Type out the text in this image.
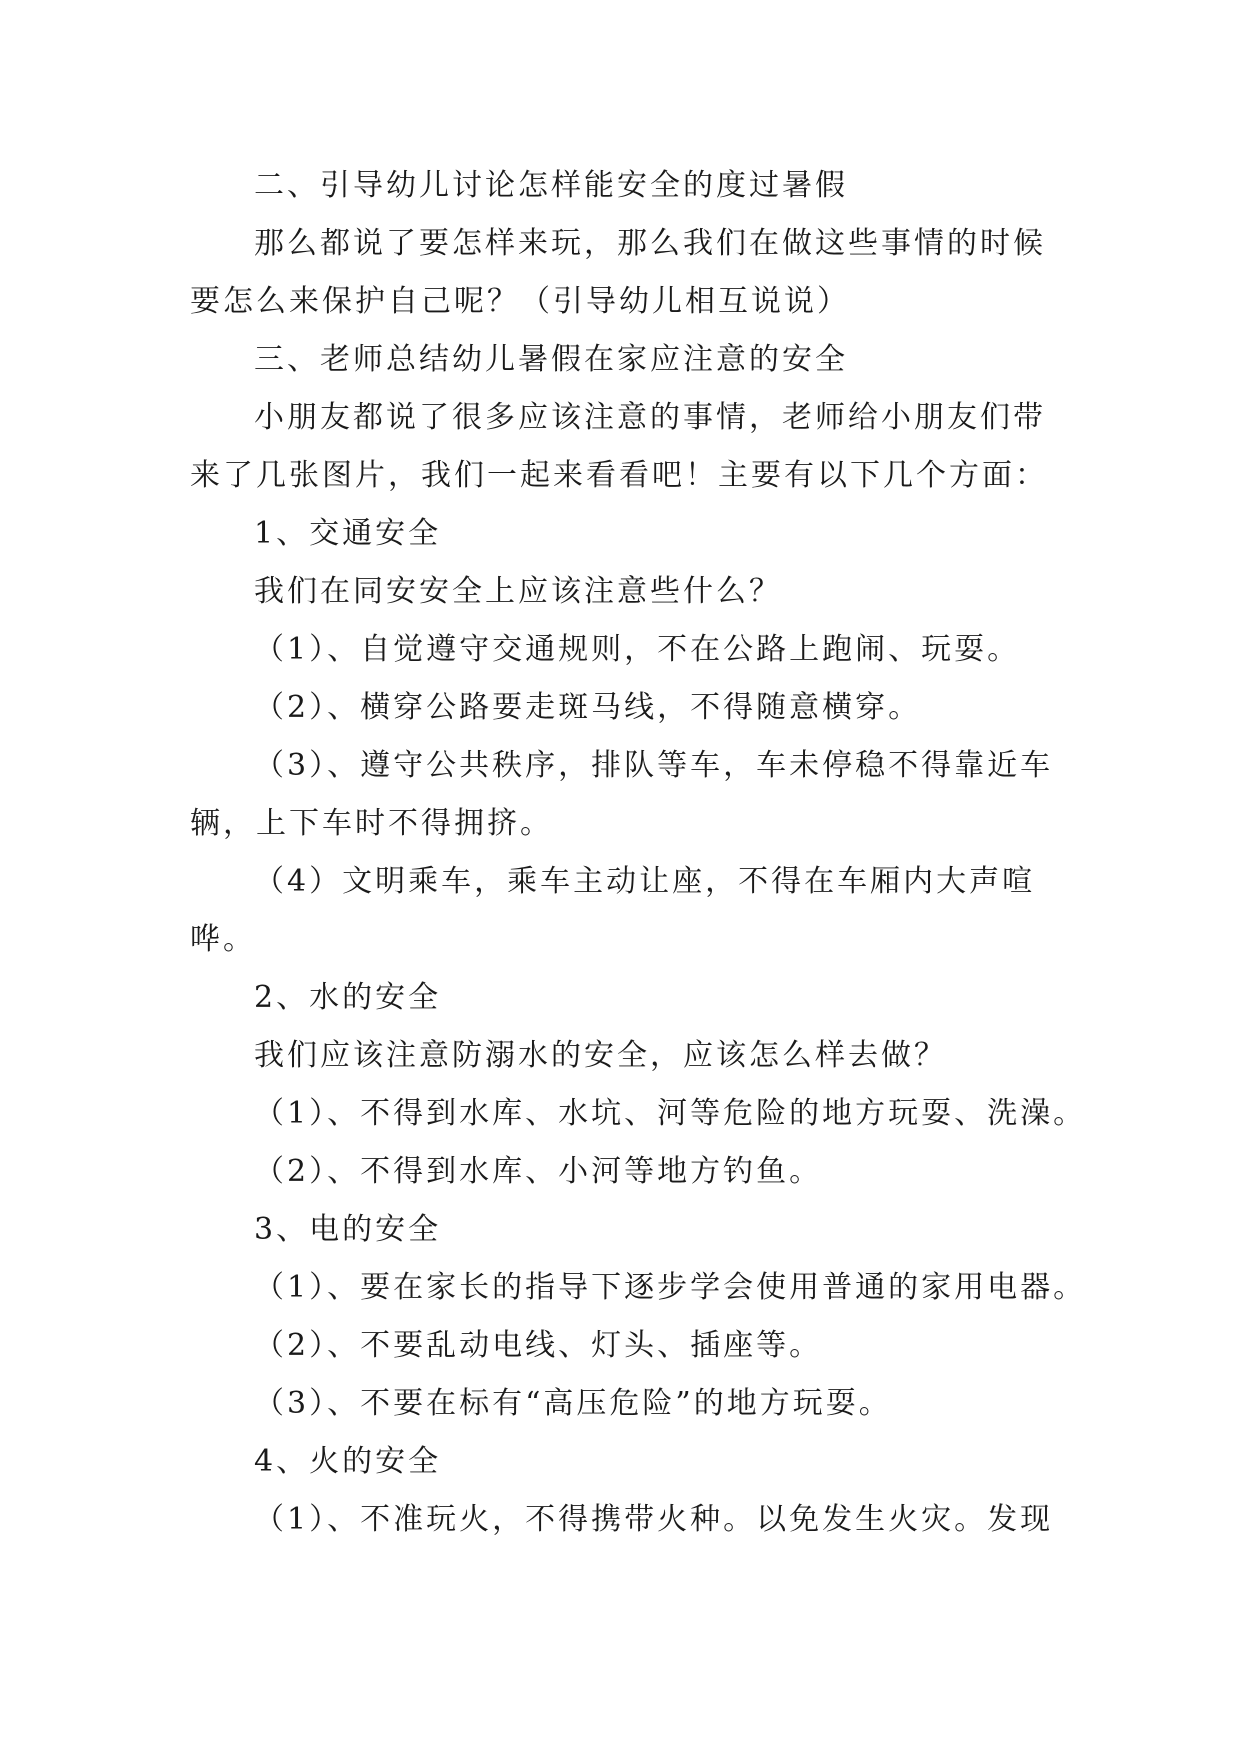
二、引导幼儿讨论怎样能安全的度过暑假
那么都说了要怎样来玩，那么我们在做这些事情的时候
要怎么来保护自己呢？（引导幼儿相互说说）
三、老师总结幼儿暑假在家应注意的安全
小朋友都说了很多应该注意的事情，老师给小朋友们带
来了几张图片，我们一起来看看吧！主要有以下几个方面：
1、交通安全
我们在同安安全上应该注意些什么？
（1）、自觉遵守交通规则，不在公路上跑闹、玩耍。
（2）、横穿公路要走斑马线，不得随意横穿。
（3）、遵守公共秩序，排队等车，车未停稳不得靠近车
辆，上下车时不得拥挤。
（4）文明乘车，乘车主动让座，不得在车厢内大声喧
哗。
2、水的安全
我们应该注意防溺水的安全，应该怎么样去做？
（1）、不得到水库、水坑、河等危险的地方玩耍、洗澡。
（2）、不得到水库、小河等地方钓鱼。
3、电的安全
（1）、要在家长的指导下逐步学会使用普通的家用电器。
（2）、不要乱动电线、灯头、插座等。
（3）、不要在标有“高压危险”的地方玩耍。
4、火的安全
（1）、不准玩火，不得携带火种。以免发生火灾。发现
